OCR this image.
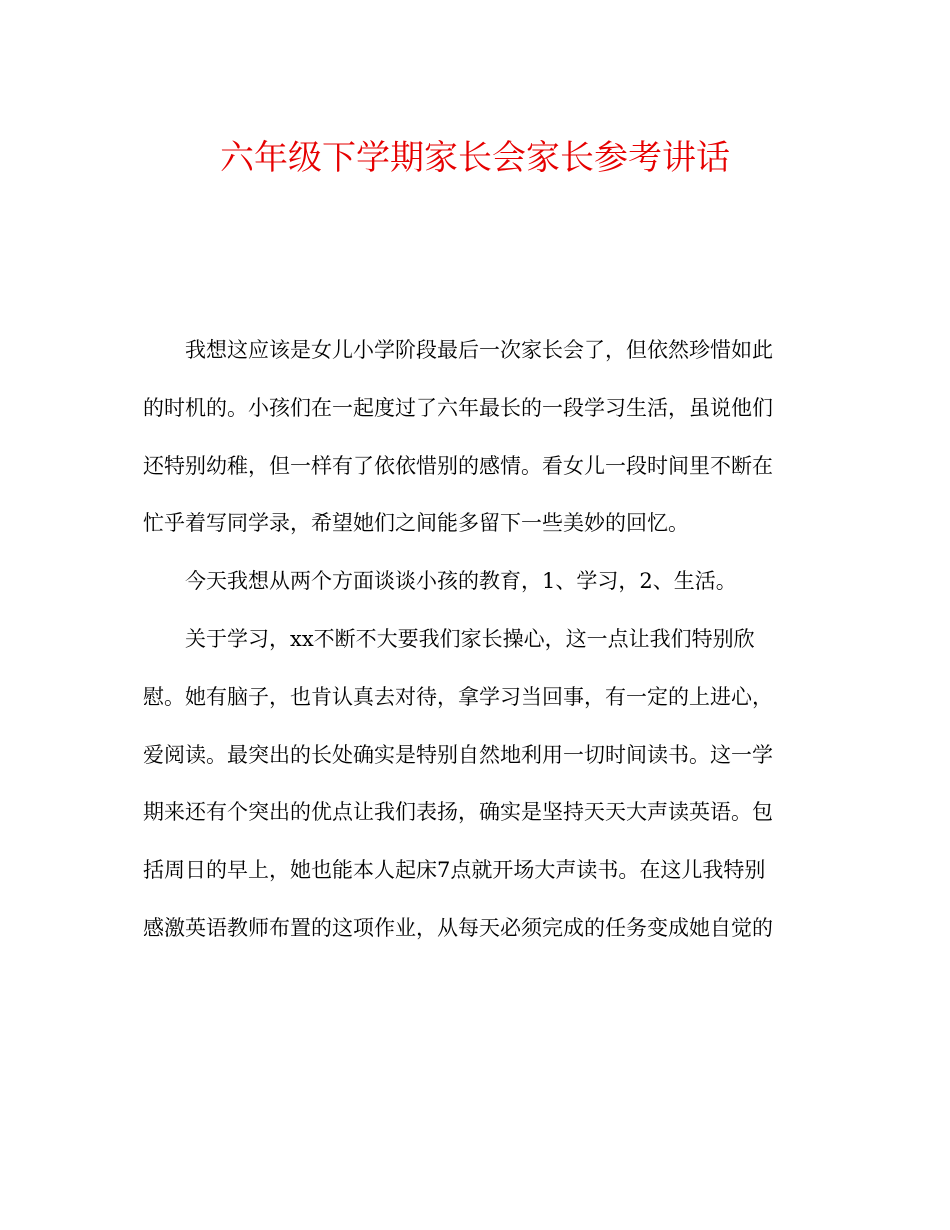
六年级下学期家长会家长参考讲话
我想这应该是女儿小学阶段最后一次家长会了，但依然珍惜如此
的时机的。小孩们在一起度过了六年最长的一段学习生活，虽说他们
还特别幼稚，但一样有了依依惜别的感情。看女儿一段时间里不断在
忙乎着写同学录，希望她们之间能多留下一些美妙的回忆。
今天我想从两个方面谈谈小孩的教育，1、学习，2、生活。
关于学习，xx不断不大要我们家长操心，这一点让我们特别欣
慰。她有脑子，也肯认真去对待，拿学习当回事，有一定的上进心，
爱阅读。最突出的长处确实是特别自然地利用一切时间读书。这一学
期来还有个突出的优点让我们表扬，确实是坚持天天大声读英语。包
括周日的早上，她也能本人起床7点就开场大声读书。在这儿我特别
感激英语教师布置的这项作业，从每天必须完成的任务变成她自觉的
